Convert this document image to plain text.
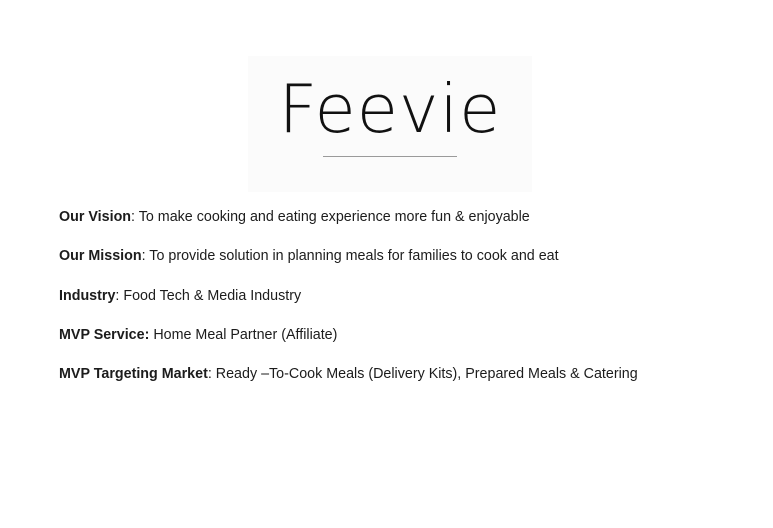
Feevie
Our Vision: To make cooking and eating experience more fun & enjoyable
Our Mission: To provide solution in planning meals for families to cook and eat
Industry: Food Tech & Media Industry
MVP Service: Home Meal Partner (Affiliate)
MVP Targeting Market: Ready –To-Cook Meals (Delivery Kits), Prepared Meals & Catering
